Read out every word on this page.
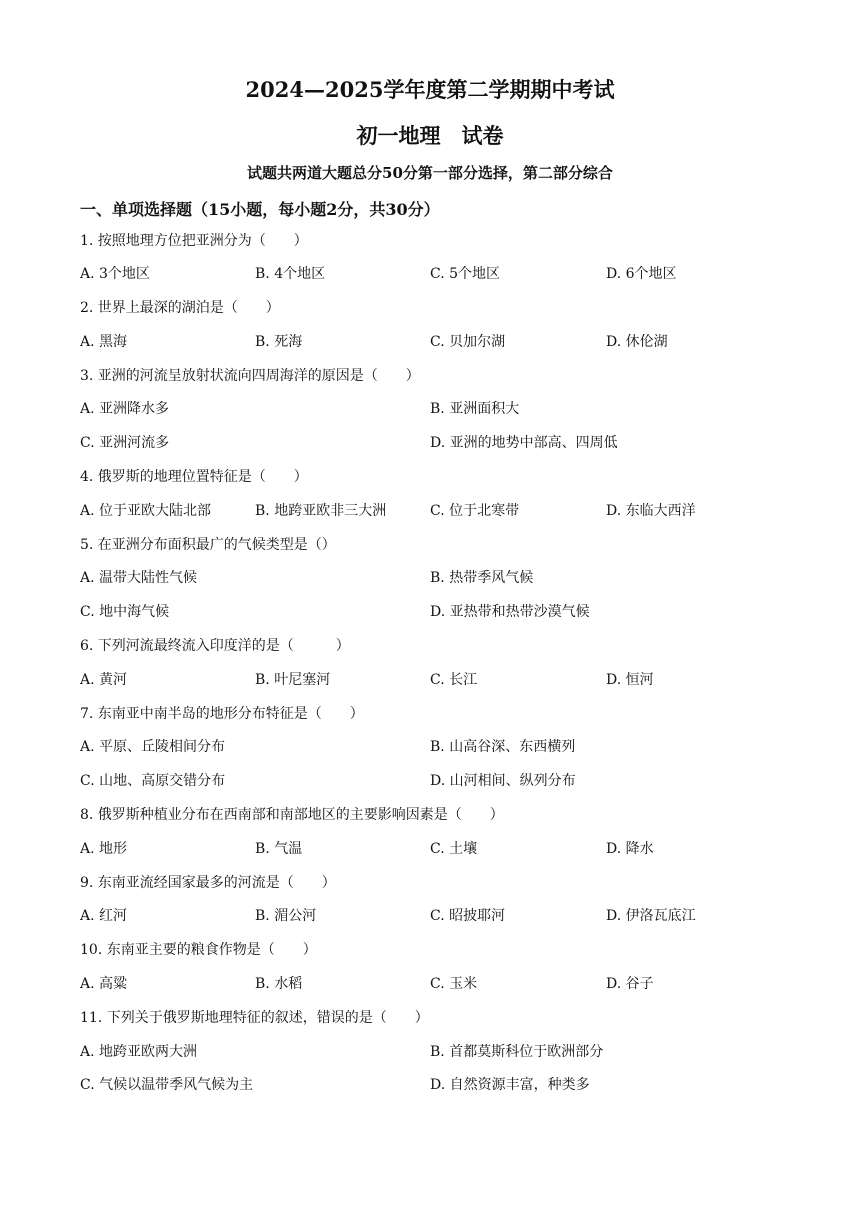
2024—2025学年度第二学期期中考试
初一地理　试卷
试题共两道大题总分50分第一部分选择，第二部分综合
一、单项选择题（15小题，每小题2分，共30分）
1. 按照地理方位把亚洲分为（　　）
A. 3个地区	B. 4个地区	C. 5个地区	D. 6个地区
2. 世界上最深的湖泊是（　　）
A. 黑海	B. 死海	C. 贝加尔湖	D. 休伦湖
3. 亚洲的河流呈放射状流向四周海洋的原因是（　　）
A. 亚洲降水多	B. 亚洲面积大
C. 亚洲河流多	D. 亚洲的地势中部高、四周低
4. 俄罗斯的地理位置特征是（　　）
A. 位于亚欧大陆北部	B. 地跨亚欧非三大洲	C. 位于北寒带	D. 东临大西洋
5. 在亚洲分布面积最广的气候类型是（）
A. 温带大陆性气候	B. 热带季风气候
C. 地中海气候	D. 亚热带和热带沙漠气候
6. 下列河流最终流入印度洋的是（　　　）
A. 黄河	B. 叶尼塞河	C. 长江	D. 恒河
7. 东南亚中南半岛的地形分布特征是（　　）
A. 平原、丘陵相间分布	B. 山高谷深、东西横列
C. 山地、高原交错分布	D. 山河相间、纵列分布
8. 俄罗斯种植业分布在西南部和南部地区的主要影响因素是（　　）
A. 地形	B. 气温	C. 土壤	D. 降水
9. 东南亚流经国家最多的河流是（　　）
A. 红河	B. 湄公河	C. 昭披耶河	D. 伊洛瓦底江
10. 东南亚主要的粮食作物是（　　）
A. 高粱	B. 水稻	C. 玉米	D. 谷子
11. 下列关于俄罗斯地理特征的叙述，错误的是（　　）
A. 地跨亚欧两大洲	B. 首都莫斯科位于欧洲部分
C. 气候以温带季风气候为主	D. 自然资源丰富，种类多
